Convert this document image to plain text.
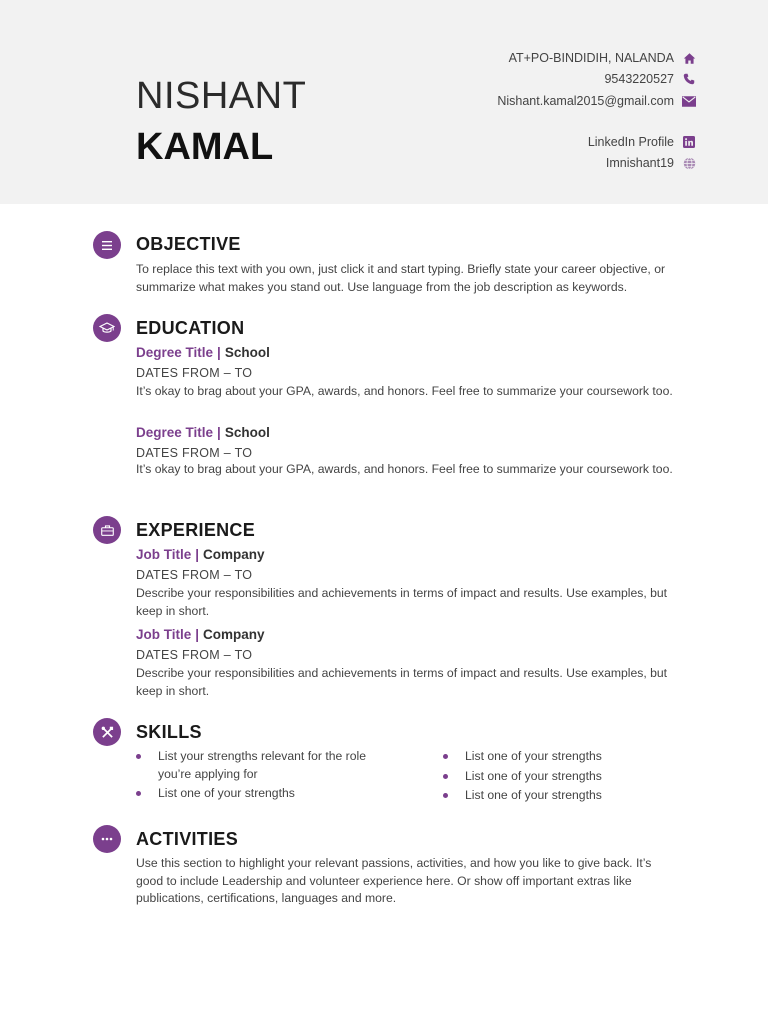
NISHANT
KAMAL
AT+PO-BINDIDIH, NALANDA
9543220527
Nishant.kamal2015@gmail.com
LinkedIn Profile
Imnishant19
OBJECTIVE
To replace this text with you own, just click it and start typing. Briefly state your career objective, or summarize what makes you stand out. Use language from the job description as keywords.
EDUCATION
Degree Title | School
DATES FROM – TO
It’s okay to brag about your GPA, awards, and honors. Feel free to summarize your coursework too.
Degree Title | School
DATES FROM – TO
It’s okay to brag about your GPA, awards, and honors. Feel free to summarize your coursework too.
EXPERIENCE
Job Title | Company
DATES FROM – TO
Describe your responsibilities and achievements in terms of impact and results. Use examples, but keep in short.
Job Title | Company
DATES FROM – TO
Describe your responsibilities and achievements in terms of impact and results. Use examples, but keep in short.
SKILLS
List your strengths relevant for the role you’re applying for
List one of your strengths
List one of your strengths
List one of your strengths
List one of your strengths
ACTIVITIES
Use this section to highlight your relevant passions, activities, and how you like to give back. It’s good to include Leadership and volunteer experience here. Or show off important extras like publications, certifications, languages and more.
